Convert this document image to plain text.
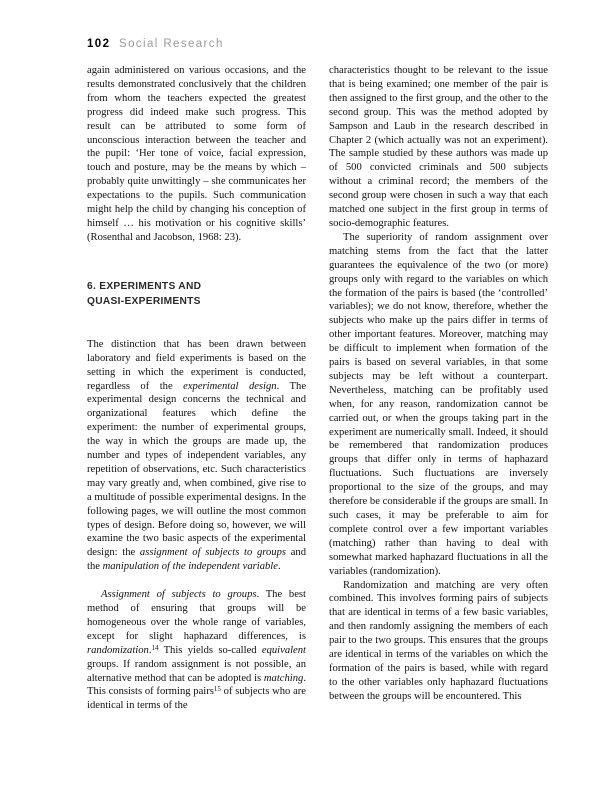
102 Social Research

again administered on various occasions, and the results demonstrated conclusively that the children from whom the teachers expected the greatest progress did indeed make such progress. This result can be attributed to some form of unconscious interaction between the teacher and the pupil: ‘Her tone of voice, facial expression, touch and posture, may be the means by which – probably quite unwittingly – she communicates her expectations to the pupils. Such communication might help the child by changing his conception of himself … his motivation or his cognitive skills’ (Rosenthal and Jacobson, 1968: 23).

6. EXPERIMENTS AND
QUASI-EXPERIMENTS

The distinction that has been drawn between laboratory and field experiments is based on the setting in which the experiment is conducted, regardless of the experimental design. The experimental design concerns the technical and organizational features which define the experiment: the number of experimental groups, the way in which the groups are made up, the number and types of independent variables, any repetition of observations, etc. Such characteristics may vary greatly and, when combined, give rise to a multitude of possible experimental designs. In the following pages, we will outline the most common types of design. Before doing so, however, we will examine the two basic aspects of the experimental design: the assignment of subjects to groups and the manipulation of the independent variable.

Assignment of subjects to groups. The best method of ensuring that groups will be homogeneous over the whole range of variables, except for slight haphazard differences, is randomization.$^{14}$ This yields so-called equivalent groups. If random assignment is not possible, an alternative method that can be adopted is matching. This consists of forming pairs$^{15}$ of subjects who are identical in terms of the

characteristics thought to be relevant to the issue that is being examined; one member of the pair is then assigned to the first group, and the other to the second group. This was the method adopted by Sampson and Laub in the research described in Chapter 2 (which actually was not an experiment). The sample studied by these authors was made up of 500 convicted criminals and 500 subjects without a criminal record; the members of the second group were chosen in such a way that each matched one subject in the first group in terms of socio-demographic features.

The superiority of random assignment over matching stems from the fact that the latter guarantees the equivalence of the two (or more) groups only with regard to the variables on which the formation of the pairs is based (the ‘controlled’ variables); we do not know, therefore, whether the subjects who make up the pairs differ in terms of other important features. Moreover, matching may be difficult to implement when formation of the pairs is based on several variables, in that some subjects may be left without a counterpart. Nevertheless, matching can be profitably used when, for any reason, randomization cannot be carried out, or when the groups taking part in the experiment are numerically small. Indeed, it should be remembered that randomization produces groups that differ only in terms of haphazard fluctuations. Such fluctuations are inversely proportional to the size of the groups, and may therefore be considerable if the groups are small. In such cases, it may be preferable to aim for complete control over a few important variables (matching) rather than having to deal with somewhat marked haphazard fluctuations in all the variables (randomization).

Randomization and matching are very often combined. This involves forming pairs of subjects that are identical in terms of a few basic variables, and then randomly assigning the members of each pair to the two groups. This ensures that the groups are identical in terms of the variables on which the formation of the pairs is based, while with regard to the other variables only haphazard fluctuations between the groups will be encountered. This
